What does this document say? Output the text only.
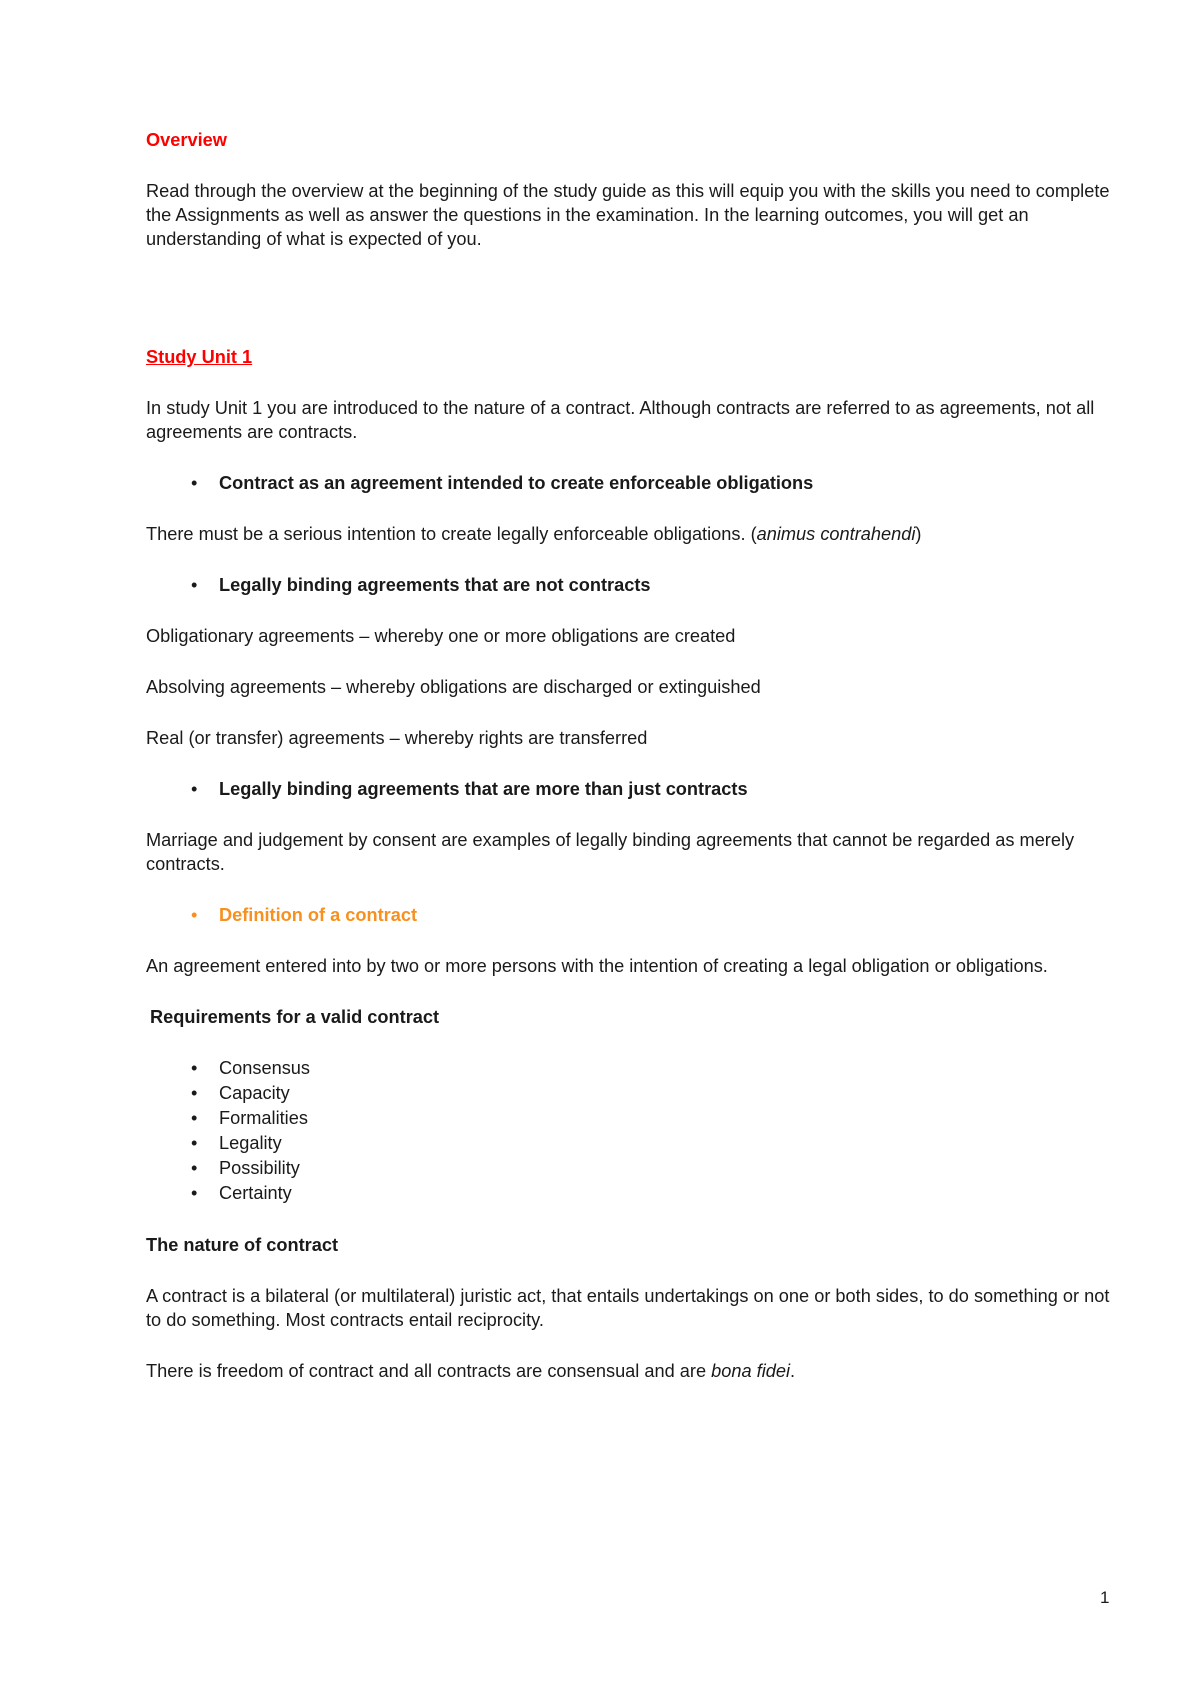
Overview

Read through the overview at the beginning of the study guide as this will equip you with the skills you need to complete the Assignments as well as answer the questions in the examination. In the learning outcomes, you will get an understanding of what is expected of you.

Study Unit 1

In study Unit 1 you are introduced to the nature of a contract. Although contracts are referred to as agreements, not all agreements are contracts.

• Contract as an agreement intended to create enforceable obligations

There must be a serious intention to create legally enforceable obligations. (animus contrahendi)

• Legally binding agreements that are not contracts

Obligationary agreements – whereby one or more obligations are created

Absolving agreements – whereby obligations are discharged or extinguished

Real (or transfer) agreements – whereby rights are transferred

• Legally binding agreements that are more than just contracts

Marriage and judgement by consent are examples of legally binding agreements that cannot be regarded as merely contracts.

• Definition of a contract

An agreement entered into by two or more persons with the intention of creating a legal obligation or obligations.

Requirements for a valid contract

• Consensus
• Capacity
• Formalities
• Legality
• Possibility
• Certainty

The nature of contract

A contract is a bilateral (or multilateral) juristic act, that entails undertakings on one or both sides, to do something or not to do something. Most contracts entail reciprocity.

There is freedom of contract and all contracts are consensual and are bona fidei.

1
